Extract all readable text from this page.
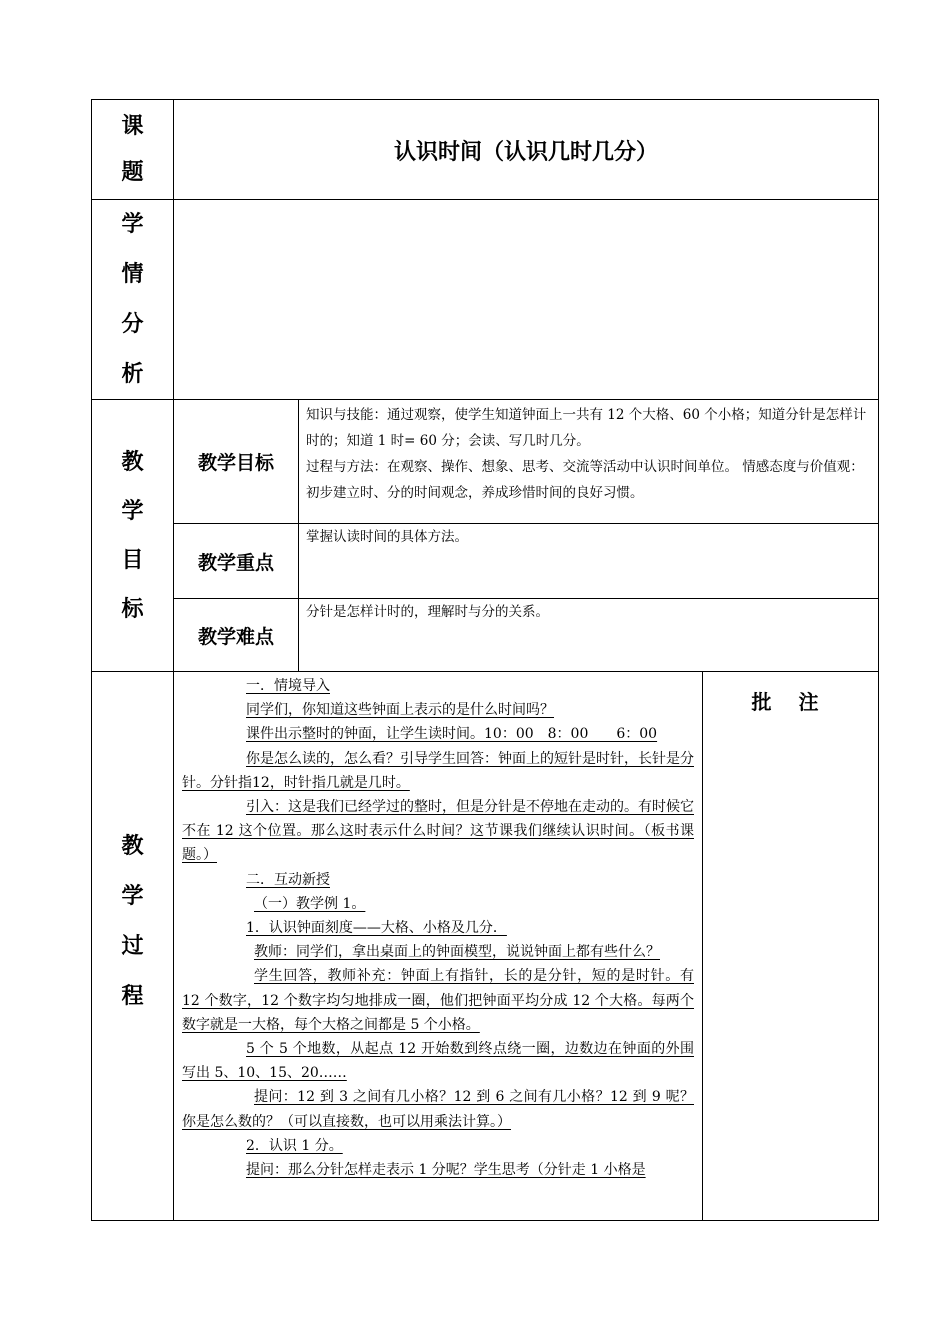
课
题
认识时间（认识几时几分）
学
情
分
析
教
学
目
标
教学目标
知识与技能：通过观察，使学生知道钟面上一共有 12 个大格、60 个小格；知道分针是怎样计时的；知道 1 时= 60 分；会读、写几时几分。
过程与方法：在观察、操作、想象、思考、交流等活动中认识时间单位。 情感态度与价值观：初步建立时、分的时间观念，养成珍惜时间的良好习惯。
教学重点
掌握认读时间的具体方法。
教学难点
分针是怎样计时的，理解时与分的关系。
教
学
过
程

一．情境导入

同学们，你知道这些钟面上表示的是什么时间吗？

课件出示整时的钟面，让学生读时间。10：00　8：00　　6：00

你是怎么读的，怎么看？引导学生回答：钟面上的短针是时针，长针是分针。分针指12，时针指几就是几时。

引入：这是我们已经学过的整时，但是分针是不停地在走动的。有时候它不在 12 这个位置。那么这时表示什么时间？这节课我们继续认识时间。（板书课题。）

二．互动新授

（一）教学例 1。

1．认识钟面刻度——大格、小格及几分．

教师：同学们，拿出桌面上的钟面模型，说说钟面上都有些什么？

学生回答，教师补充：钟面上有指针，长的是分针，短的是时针。有 12 个数字，12 个数字均匀地排成一圈，他们把钟面平均分成 12 个大格。每两个数字就是一大格，每个大格之间都是 5 个小格。

5 个 5 个地数，从起点 12 开始数到终点绕一圈，边数边在钟面的外围写出 5、10、15、20……

提问：12 到 3 之间有几小格？12 到 6 之间有几小格？12 到 9 呢？你是怎么数的？（可以直接数，也可以用乘法计算。）

2．认识 1 分。

提问：那么分针怎样走表示 1 分呢？学生思考（分针走 1 小格是

批 注
